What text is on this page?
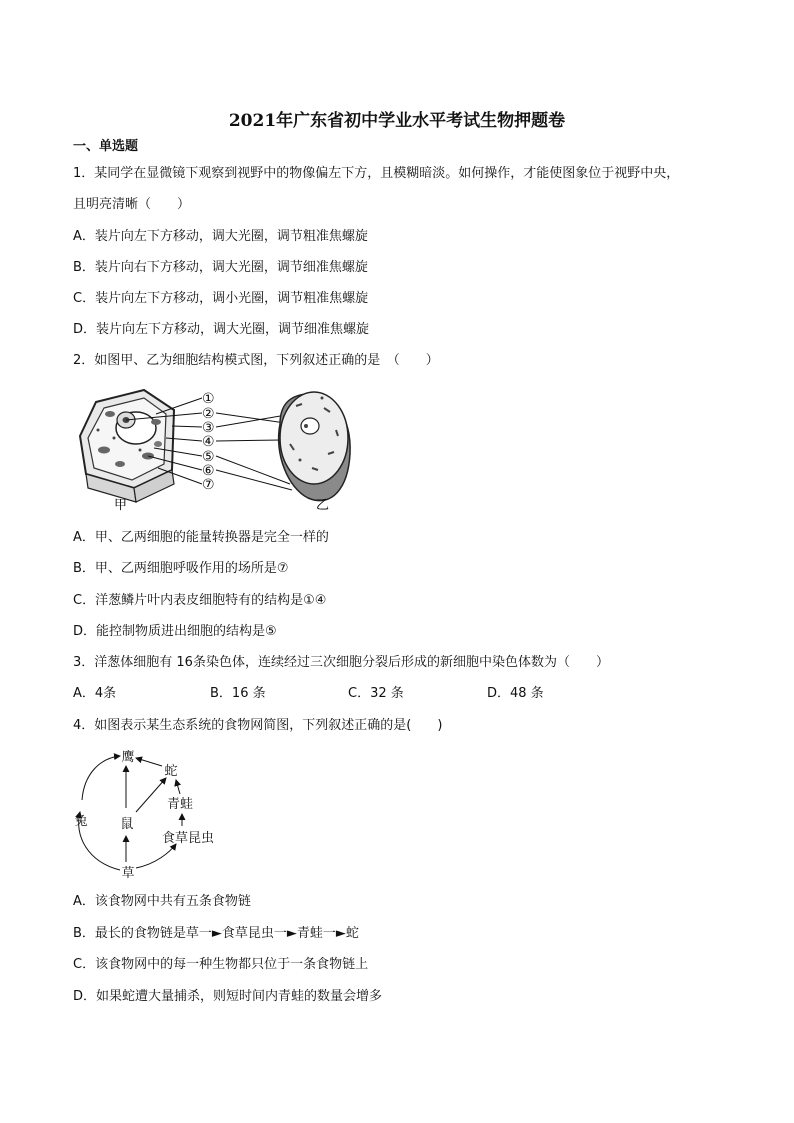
2021年广东省初中学业水平考试生物押题卷
一、单选题
1．某同学在显微镜下观察到视野中的物像偏左下方，且模糊暗淡。如何操作，才能使图象位于视野中央，
且明亮清晰（　　）
A．装片向左下方移动，调大光圈，调节粗准焦螺旋
B．装片向右下方移动，调大光圈，调节细准焦螺旋
C．装片向左下方移动，调小光圈，调节粗准焦螺旋
D．装片向左下方移动，调大光圈，调节细准焦螺旋
2．如图甲、乙为细胞结构模式图，下列叙述正确的是　（　　）
①
②
③
④
⑤
⑥
⑦
甲	乙
A．甲、乙两细胞的能量转换器是完全一样的
B．甲、乙两细胞呼吸作用的场所是⑦
C．洋葱鳞片叶内表皮细胞特有的结构是①④
D．能控制物质进出细胞的结构是⑤
3．洋葱体细胞有 16条染色体，连续经过三次细胞分裂后形成的新细胞中染色体数为（　　）
A．4条	B．16 条	C．32 条	D．48 条
4．如图表示某生态系统的食物网简图，下列叙述正确的是(　　)
鹰
蛇
青蛙
兔	鼠
食草昆虫
草
A．该食物网中共有五条食物链
B．最长的食物链是草一►食草昆虫一►青蛙一►蛇
C．该食物网中的每一种生物都只位于一条食物链上
D．如果蛇遭大量捕杀，则短时间内青蛙的数量会增多
